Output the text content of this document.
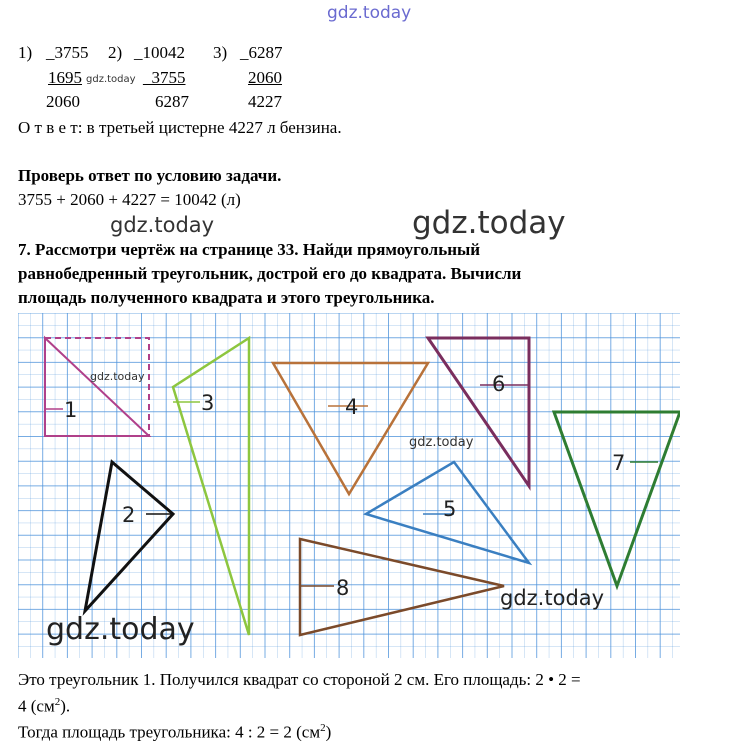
gdz.today
1) _3755
1695 gdz.today
2060
2) _10042
_3755
6287
3) _6287
2060
4227
О т в е т: в третьей цистерне 4227 л бензина.
Проверь ответ по условию задачи.
3755 + 2060 + 4227 = 10042 (л)
gdz.today	gdz.today
7. Рассмотри чертёж на странице 33. Найди прямоугольный
равнобедренный треугольник, дострой его до квадрата. Вычисли
площадь полученного квадрата и этого треугольника.
1
2
3	4
5
6
7
8
gdz.today
gdz.today
gdz.today
gdz.today
Это треугольник 1. Получился квадрат со стороной 2 см. Его площадь: 2 • 2 =
4 $(см^2)$.
Тогда площадь треугольника: 4 : 2 = 2 $(см^2)$
